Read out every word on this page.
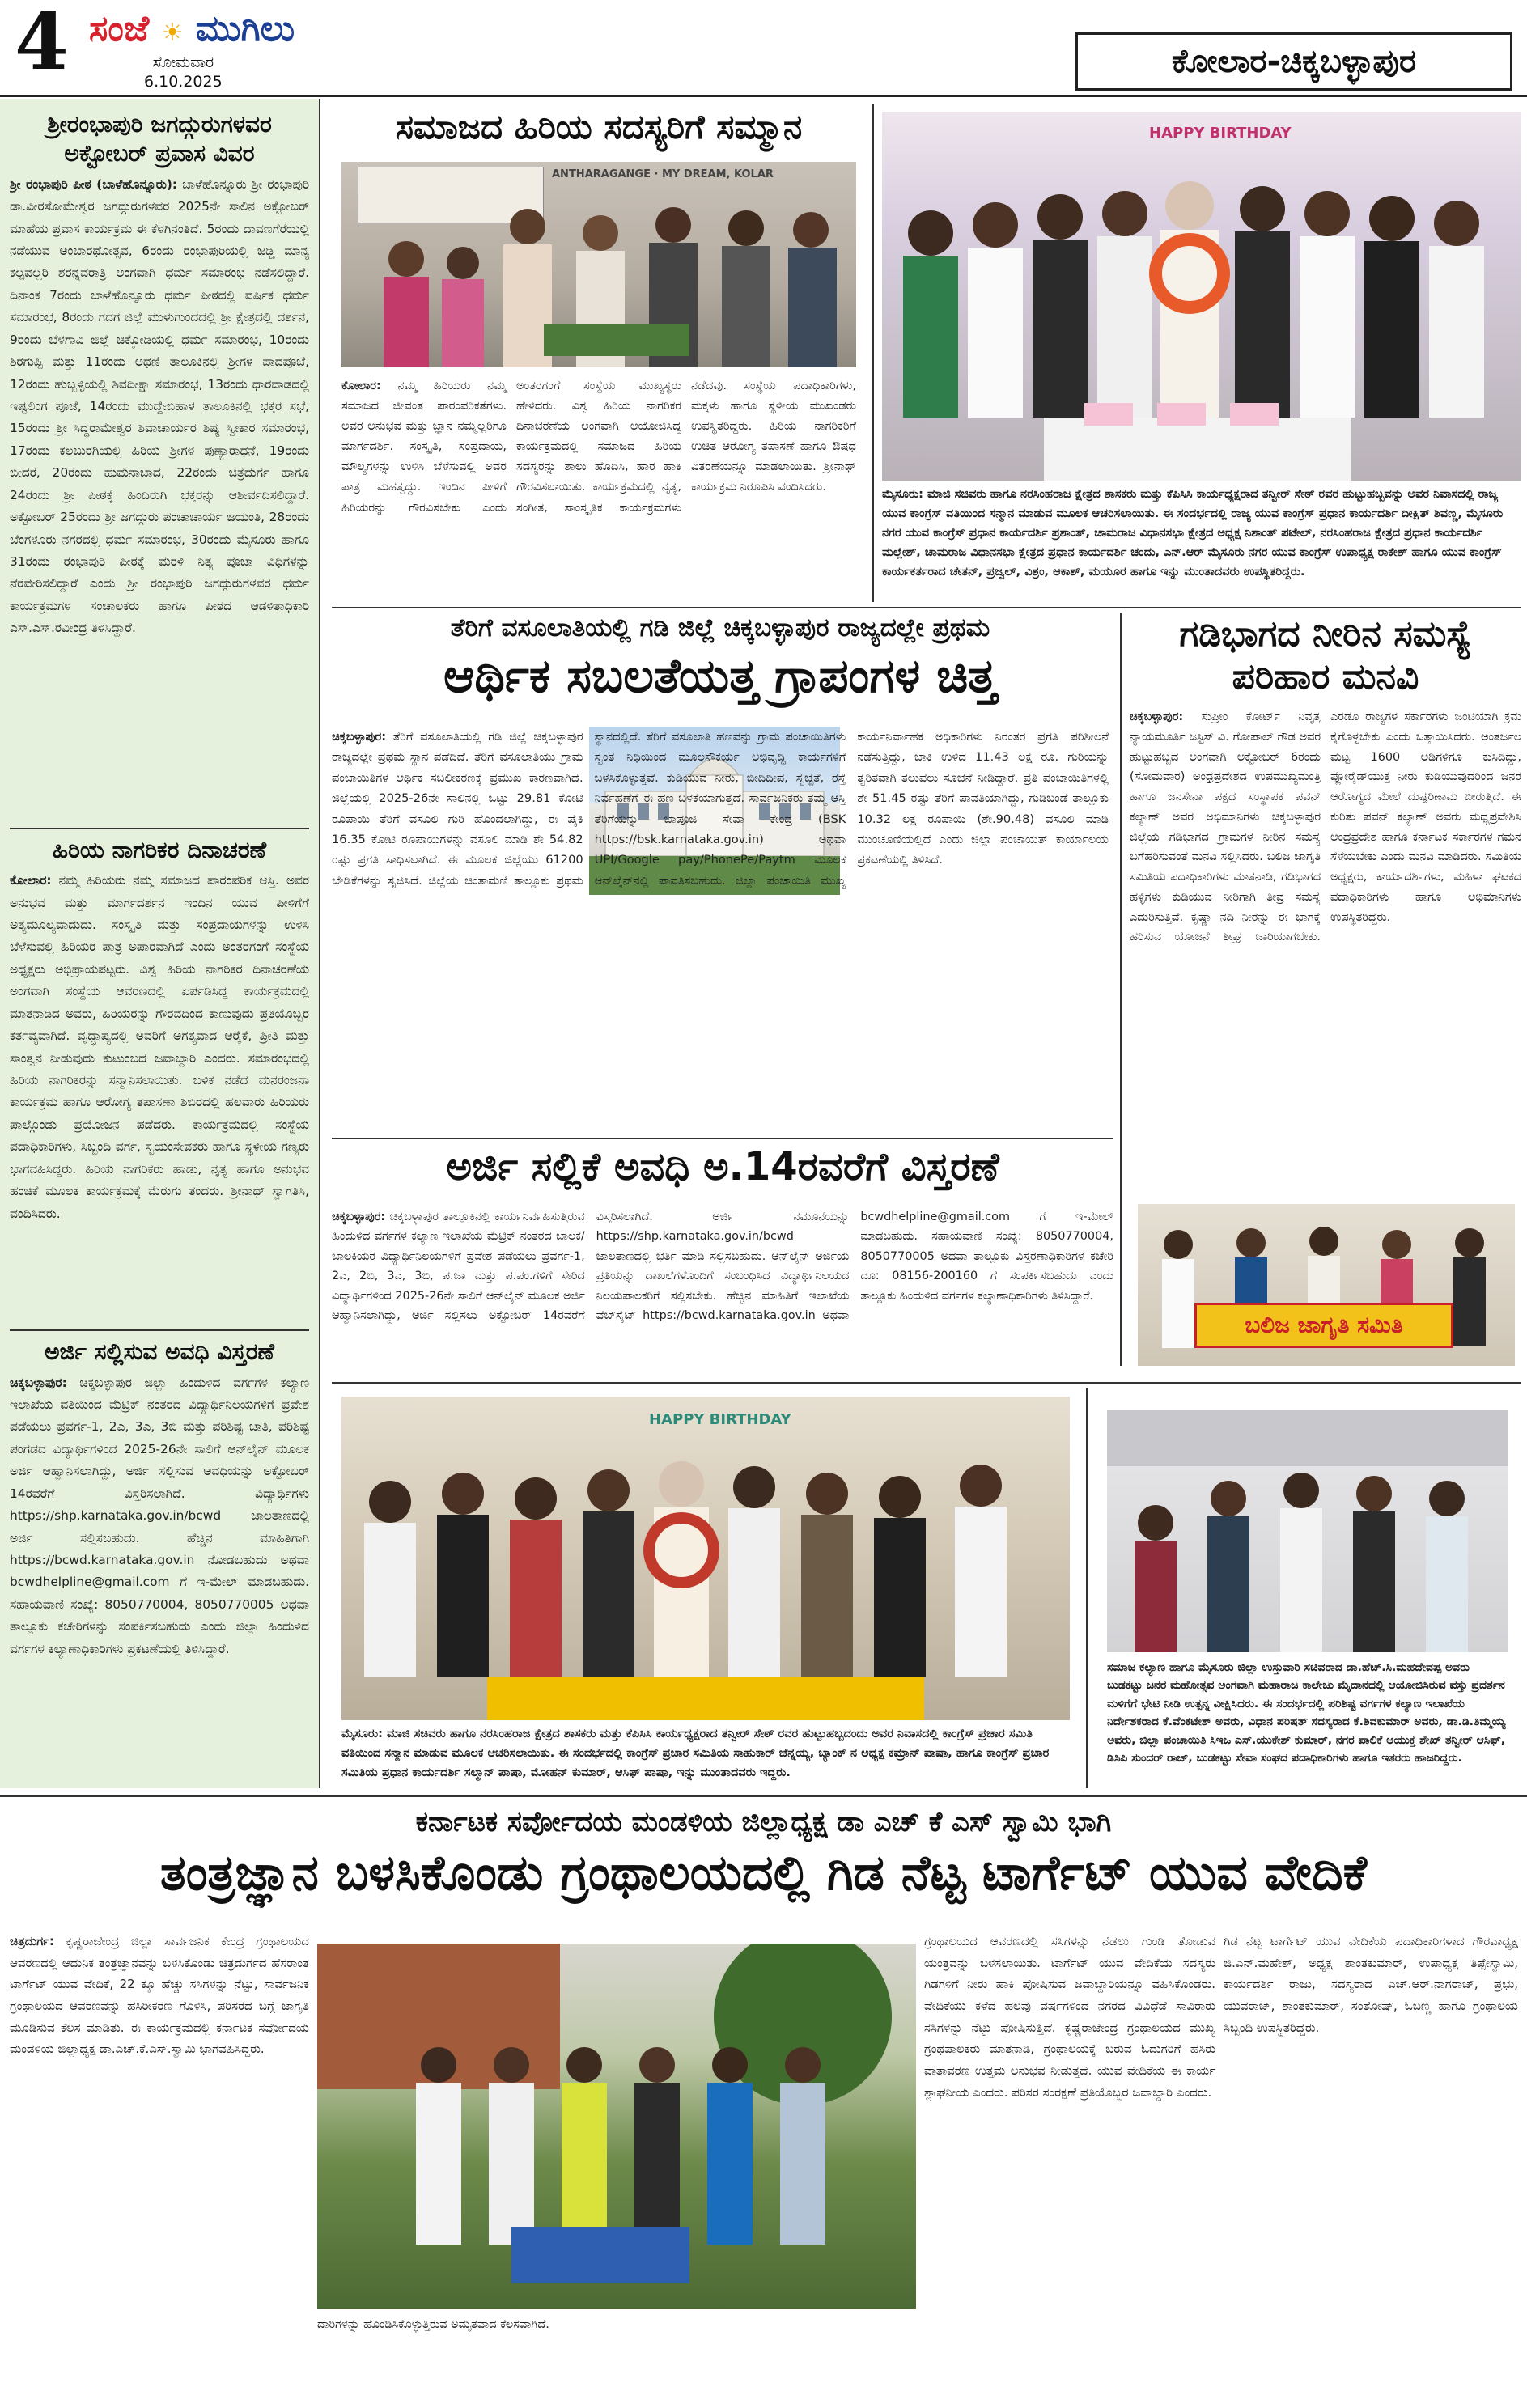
4 ಸಂಜೆ ☀ ಮುಗಿಲು
ಸೋಮವಾರ
6.10.2025
ಕೋಲಾರ-ಚಿಕ್ಕಬಳ್ಳಾಪುರ
ಶ್ರೀರಂಭಾಪುರಿ ಜಗದ್ಗುರುಗಳವರ ಅಕ್ಟೋಬರ್ ಪ್ರವಾಸ ವಿವರ
ಶ್ರೀ ರಂಭಾಪುರಿ ಪೀಠ (ಬಾಳೆಹೊನ್ನೂರು): ಬಾಳೆಹೊನ್ನೂರು ಶ್ರೀ ರಂಭಾಪುರಿ ಡಾ.ವೀರಸೋಮೇಶ್ವರ ಜಗದ್ಗುರುಗಳವರ 2025ನೇ ಸಾಲಿನ ಅಕ್ಟೋಬರ್ ಮಾಹೆಯ ಪ್ರವಾಸ ಕಾರ್ಯಕ್ರಮ ಈ ಕೆಳಗಿನಂತಿದೆ. 5ರಂದು ದಾವಣಗೆರೆಯಲ್ಲಿ ನಡೆಯುವ ಅಂಬಾರಥೋತ್ಸವ, 6ರಂದು ರಂಭಾಪುರಿಯಲ್ಲಿ ಜಡ್ಡಿ ಮಾನ್ಯ ಕಲ್ಪವಲ್ಲರಿ ಶರನ್ನವರಾತ್ರಿ ಅಂಗವಾಗಿ ಧರ್ಮ ಸಮಾರಂಭ ನಡೆಸಲಿದ್ದಾರೆ. ದಿನಾಂಕ 7ರಂದು ಬಾಳೆಹೊನ್ನೂರು ಧರ್ಮ ಪೀಠದಲ್ಲಿ ವರ್ಷಿಕ ಧರ್ಮ ಸಮಾರಂಭ, 8ರಂದು ಗದಗ ಜಿಲ್ಲೆ ಮುಳುಗುಂದದಲ್ಲಿ ಶ್ರೀ ಕ್ಷೇತ್ರದಲ್ಲಿ ದರ್ಶನ, 9ರಂದು ಬೆಳಗಾವಿ ಜಿಲ್ಲೆ ಚಿಕ್ಕೋಡಿಯಲ್ಲಿ ಧರ್ಮ ಸಮಾರಂಭ, 10ರಂದು ಶಿರಗುಪ್ಪಿ ಮತ್ತು 11ರಂದು ಅಥಣಿ ತಾಲೂಕಿನಲ್ಲಿ ಶ್ರೀಗಳ ಪಾದಪೂಜೆ, 12ರಂದು ಹುಬ್ಬಳ್ಳಿಯಲ್ಲಿ ಶಿವದೀಕ್ಷಾ ಸಮಾರಂಭ, 13ರಂದು ಧಾರವಾಡದಲ್ಲಿ ಇಷ್ಟಲಿಂಗ ಪೂಜೆ, 14ರಂದು ಮುದ್ದೇಬಿಹಾಳ ತಾಲೂಕಿನಲ್ಲಿ ಭಕ್ತರ ಸಭೆ, 15ರಂದು ಶ್ರೀ ಸಿದ್ಧರಾಮೇಶ್ವರ ಶಿವಾಚಾರ್ಯರ ಶಿಷ್ಯ ಸ್ವೀಕಾರ ಸಮಾರಂಭ, 17ರಂದು ಕಲಬುರಗಿಯಲ್ಲಿ ಹಿರಿಯ ಶ್ರೀಗಳ ಪುಣ್ಯಾರಾಧನೆ, 19ರಂದು ಬೀದರ, 20ರಂದು ಹುಮನಾಬಾದ, 22ರಂದು ಚಿತ್ರದುರ್ಗ ಹಾಗೂ 24ರಂದು ಶ್ರೀ ಪೀಠಕ್ಕೆ ಹಿಂದಿರುಗಿ ಭಕ್ತರನ್ನು ಆಶೀರ್ವದಿಸಲಿದ್ದಾರೆ. ಅಕ್ಟೋಬರ್ 25ರಂದು ಶ್ರೀ ಜಗದ್ಗುರು ಪಂಚಾಚಾರ್ಯ ಜಯಂತಿ, 28ರಂದು ಬೆಂಗಳೂರು ನಗರದಲ್ಲಿ ಧರ್ಮ ಸಮಾರಂಭ, 30ರಂದು ಮೈಸೂರು ಹಾಗೂ 31ರಂದು ರಂಭಾಪುರಿ ಪೀಠಕ್ಕೆ ಮರಳಿ ನಿತ್ಯ ಪೂಜಾ ವಿಧಿಗಳನ್ನು ನೆರವೇರಿಸಲಿದ್ದಾರೆ ಎಂದು ಶ್ರೀ ರಂಭಾಪುರಿ ಜಗದ್ಗುರುಗಳವರ ಧರ್ಮ ಕಾರ್ಯಕ್ರಮಗಳ ಸಂಚಾಲಕರು ಹಾಗೂ ಪೀಠದ ಆಡಳಿತಾಧಿಕಾರಿ ಎಸ್.ಎಸ್.ರವೀಂದ್ರ ತಿಳಿಸಿದ್ದಾರೆ.
ಹಿರಿಯ ನಾಗರಿಕರ ದಿನಾಚರಣೆ
ಕೋಲಾರ: ನಮ್ಮ ಹಿರಿಯರು ನಮ್ಮ ಸಮಾಜದ ಪಾರಂಪರಿಕ ಆಸ್ತಿ. ಅವರ ಅನುಭವ ಮತ್ತು ಮಾರ್ಗದರ್ಶನ ಇಂದಿನ ಯುವ ಪೀಳಿಗೆಗೆ ಅತ್ಯಮೂಲ್ಯವಾದುದು. ಸಂಸ್ಕೃತಿ ಮತ್ತು ಸಂಪ್ರದಾಯಗಳನ್ನು ಉಳಿಸಿ ಬೆಳೆಸುವಲ್ಲಿ ಹಿರಿಯರ ಪಾತ್ರ ಅಪಾರವಾಗಿದೆ ಎಂದು ಅಂತರಗಂಗೆ ಸಂಸ್ಥೆಯ ಅಧ್ಯಕ್ಷರು ಅಭಿಪ್ರಾಯಪಟ್ಟರು. ವಿಶ್ವ ಹಿರಿಯ ನಾಗರಿಕರ ದಿನಾಚರಣೆಯ ಅಂಗವಾಗಿ ಸಂಸ್ಥೆಯ ಆವರಣದಲ್ಲಿ ಏರ್ಪಡಿಸಿದ್ದ ಕಾರ್ಯಕ್ರಮದಲ್ಲಿ ಮಾತನಾಡಿದ ಅವರು, ಹಿರಿಯರನ್ನು ಗೌರವದಿಂದ ಕಾಣುವುದು ಪ್ರತಿಯೊಬ್ಬರ ಕರ್ತವ್ಯವಾಗಿದೆ. ವೃದ್ಧಾಪ್ಯದಲ್ಲಿ ಅವರಿಗೆ ಅಗತ್ಯವಾದ ಆರೈಕೆ, ಪ್ರೀತಿ ಮತ್ತು ಸಾಂತ್ವನ ನೀಡುವುದು ಕುಟುಂಬದ ಜವಾಬ್ದಾರಿ ಎಂದರು. ಸಮಾರಂಭದಲ್ಲಿ ಹಿರಿಯ ನಾಗರಿಕರನ್ನು ಸನ್ಮಾನಿಸಲಾಯಿತು. ಬಳಿಕ ನಡೆದ ಮನರಂಜನಾ ಕಾರ್ಯಕ್ರಮ ಹಾಗೂ ಆರೋಗ್ಯ ತಪಾಸಣಾ ಶಿಬಿರದಲ್ಲಿ ಹಲವಾರು ಹಿರಿಯರು ಪಾಲ್ಗೊಂಡು ಪ್ರಯೋಜನ ಪಡೆದರು. ಕಾರ್ಯಕ್ರಮದಲ್ಲಿ ಸಂಸ್ಥೆಯ ಪದಾಧಿಕಾರಿಗಳು, ಸಿಬ್ಬಂದಿ ವರ್ಗ, ಸ್ವಯಂಸೇವಕರು ಹಾಗೂ ಸ್ಥಳೀಯ ಗಣ್ಯರು ಭಾಗವಹಿಸಿದ್ದರು. ಹಿರಿಯ ನಾಗರಿಕರು ಹಾಡು, ನೃತ್ಯ ಹಾಗೂ ಅನುಭವ ಹಂಚಿಕೆ ಮೂಲಕ ಕಾರ್ಯಕ್ರಮಕ್ಕೆ ಮೆರುಗು ತಂದರು. ಶ್ರೀನಾಥ್ ಸ್ವಾಗತಿಸಿ, ವಂದಿಸಿದರು.
ಅರ್ಜಿ ಸಲ್ಲಿಸುವ ಅವಧಿ ವಿಸ್ತರಣೆ
ಚಿಕ್ಕಬಳ್ಳಾಪುರ: ಚಿಕ್ಕಬಳ್ಳಾಪುರ ಜಿಲ್ಲಾ ಹಿಂದುಳಿದ ವರ್ಗಗಳ ಕಲ್ಯಾಣ ಇಲಾಖೆಯ ವತಿಯಿಂದ ಮೆಟ್ರಿಕ್ ನಂತರದ ವಿದ್ಯಾರ್ಥಿನಿಲಯಗಳಿಗೆ ಪ್ರವೇಶ ಪಡೆಯಲು ಪ್ರವರ್ಗ-1, 2ಎ, 3ಎ, 3ಬಿ ಮತ್ತು ಪರಿಶಿಷ್ಟ ಜಾತಿ, ಪರಿಶಿಷ್ಟ ಪಂಗಡದ ವಿದ್ಯಾರ್ಥಿಗಳಿಂದ 2025-26ನೇ ಸಾಲಿಗೆ ಆನ್‌ಲೈನ್ ಮೂಲಕ ಅರ್ಜಿ ಆಹ್ವಾನಿಸಲಾಗಿದ್ದು, ಅರ್ಜಿ ಸಲ್ಲಿಸುವ ಅವಧಿಯನ್ನು ಅಕ್ಟೋಬರ್ 14ರವರೆಗೆ ವಿಸ್ತರಿಸಲಾಗಿದೆ. ವಿದ್ಯಾರ್ಥಿಗಳು https://shp.karnataka.gov.in/bcwd ಜಾಲತಾಣದಲ್ಲಿ ಅರ್ಜಿ ಸಲ್ಲಿಸಬಹುದು. ಹೆಚ್ಚಿನ ಮಾಹಿತಿಗಾಗಿ https://bcwd.karnataka.gov.in ನೋಡಬಹುದು ಅಥವಾ bcwdhelpline@gmail.com ಗೆ ಇ-ಮೇಲ್ ಮಾಡಬಹುದು. ಸಹಾಯವಾಣಿ ಸಂಖ್ಯೆ: 8050770004, 8050770005 ಅಥವಾ ತಾಲ್ಲೂಕು ಕಚೇರಿಗಳನ್ನು ಸಂಪರ್ಕಿಸಬಹುದು ಎಂದು ಜಿಲ್ಲಾ ಹಿಂದುಳಿದ ವರ್ಗಗಳ ಕಲ್ಯಾಣಾಧಿಕಾರಿಗಳು ಪ್ರಕಟಣೆಯಲ್ಲಿ ತಿಳಿಸಿದ್ದಾರೆ.
ಸಮಾಜದ ಹಿರಿಯ ಸದಸ್ಯರಿಗೆ ಸಮ್ಮಾನ
ANTHARAGANGE · MY DREAM, KOLAR
ಕೋಲಾರ: ನಮ್ಮ ಹಿರಿಯರು ನಮ್ಮ ಸಮಾಜದ ಜೀವಂತ ಪಾರಂಪರಿಕತೆಗಳು. ಅವರ ಅನುಭವ ಮತ್ತು ಜ್ಞಾನ ನಮ್ಮೆಲ್ಲರಿಗೂ ಮಾರ್ಗದರ್ಶಿ. ಸಂಸ್ಕೃತಿ, ಸಂಪ್ರದಾಯ, ಮೌಲ್ಯಗಳನ್ನು ಉಳಿಸಿ ಬೆಳೆಸುವಲ್ಲಿ ಅವರ ಪಾತ್ರ ಮಹತ್ವದ್ದು. ಇಂದಿನ ಪೀಳಿಗೆ ಹಿರಿಯರನ್ನು ಗೌರವಿಸಬೇಕು ಎಂದು ಅಂತರಗಂಗೆ ಸಂಸ್ಥೆಯ ಮುಖ್ಯಸ್ಥರು ಹೇಳಿದರು. ವಿಶ್ವ ಹಿರಿಯ ನಾಗರಿಕರ ದಿನಾಚರಣೆಯ ಅಂಗವಾಗಿ ಆಯೋಜಿಸಿದ್ದ ಕಾರ್ಯಕ್ರಮದಲ್ಲಿ ಸಮಾಜದ ಹಿರಿಯ ಸದಸ್ಯರನ್ನು ಶಾಲು ಹೊದಿಸಿ, ಹಾರ ಹಾಕಿ ಗೌರವಿಸಲಾಯಿತು. ಕಾರ್ಯಕ್ರಮದಲ್ಲಿ ನೃತ್ಯ, ಸಂಗೀತ, ಸಾಂಸ್ಕೃತಿಕ ಕಾರ್ಯಕ್ರಮಗಳು ನಡೆದವು. ಸಂಸ್ಥೆಯ ಪದಾಧಿಕಾರಿಗಳು, ಮಕ್ಕಳು ಹಾಗೂ ಸ್ಥಳೀಯ ಮುಖಂಡರು ಉಪಸ್ಥಿತರಿದ್ದರು. ಹಿರಿಯ ನಾಗರಿಕರಿಗೆ ಉಚಿತ ಆರೋಗ್ಯ ತಪಾಸಣೆ ಹಾಗೂ ಔಷಧ ವಿತರಣೆಯನ್ನೂ ಮಾಡಲಾಯಿತು. ಶ್ರೀನಾಥ್ ಕಾರ್ಯಕ್ರಮ ನಿರೂಪಿಸಿ ವಂದಿಸಿದರು.
HAPPY BIRTHDAY
ಮೈಸೂರು: ಮಾಜಿ ಸಚಿವರು ಹಾಗೂ ನರಸಿಂಹರಾಜ ಕ್ಷೇತ್ರದ ಶಾಸಕರು ಮತ್ತು ಕೆಪಿಸಿಸಿ ಕಾರ್ಯಧ್ಯಕ್ಷರಾದ ತನ್ವೀರ್ ಸೇಠ್ ರವರ ಹುಟ್ಟುಹಬ್ಬವನ್ನು ಅವರ ನಿವಾಸದಲ್ಲಿ ರಾಜ್ಯ ಯುವ ಕಾಂಗ್ರೆಸ್ ವತಿಯಿಂದ ಸನ್ಮಾನ ಮಾಡುವ ಮೂಲಕ ಆಚರಿಸಲಾಯಿತು. ಈ ಸಂದರ್ಭದಲ್ಲಿ ರಾಜ್ಯ ಯುವ ಕಾಂಗ್ರೆಸ್ ಪ್ರಧಾನ ಕಾರ್ಯದರ್ಶಿ ದೀಕ್ಷಿತ್ ಶಿವಣ್ಣ, ಮೈಸೂರು ನಗರ ಯುವ ಕಾಂಗ್ರೆಸ್ ಪ್ರಧಾನ ಕಾರ್ಯದರ್ಶಿ ಪ್ರಶಾಂತ್, ಚಾಮರಾಜ ವಿಧಾನಸಭಾ ಕ್ಷೇತ್ರದ ಅಧ್ಯಕ್ಷ ನಿಶಾಂತ್ ಪಟೇಲ್, ನರಸಿಂಹರಾಜ ಕ್ಷೇತ್ರದ ಪ್ರಧಾನ ಕಾರ್ಯದರ್ಶಿ ಮಲ್ಲೇಶ್, ಚಾಮರಾಜ ವಿಧಾನಸಭಾ ಕ್ಷೇತ್ರದ ಪ್ರಧಾನ ಕಾರ್ಯದರ್ಶಿ ಚಂದು, ಎನ್.ಆರ್ ಮೈಸೂರು ನಗರ ಯುವ ಕಾಂಗ್ರೆಸ್ ಉಪಾಧ್ಯಕ್ಷ ರಾಕೇಶ್ ಹಾಗೂ ಯುವ ಕಾಂಗ್ರೆಸ್ ಕಾರ್ಯಕರ್ತರಾದ ಚೇತನ್, ಪ್ರಜ್ವಲ್, ವಿಶ್ರಂ, ಆಕಾಶ್, ಮಯೂರ ಹಾಗೂ ಇನ್ನು ಮುಂತಾದವರು ಉಪಸ್ಥಿತರಿದ್ದರು.
ತೆರಿಗೆ ವಸೂಲಾತಿಯಲ್ಲಿ ಗಡಿ ಜಿಲ್ಲೆ ಚಿಕ್ಕಬಳ್ಳಾಪುರ ರಾಜ್ಯದಲ್ಲೇ ಪ್ರಥಮ
ಆರ್ಥಿಕ ಸಬಲತೆಯತ್ತ ಗ್ರಾಪಂಗಳ ಚಿತ್ತ
ಚಿಕ್ಕಬಳ್ಳಾಪುರ: ತೆರಿಗೆ ವಸೂಲಾತಿಯಲ್ಲಿ ಗಡಿ ಜಿಲ್ಲೆ ಚಿಕ್ಕಬಳ್ಳಾಪುರ ರಾಜ್ಯದಲ್ಲೇ ಪ್ರಥಮ ಸ್ಥಾನ ಪಡೆದಿದೆ. ತೆರಿಗೆ ವಸೂಲಾತಿಯು ಗ್ರಾಮ ಪಂಚಾಯಿತಿಗಳ ಆರ್ಥಿಕ ಸಬಲೀಕರಣಕ್ಕೆ ಪ್ರಮುಖ ಕಾರಣವಾಗಿದೆ. ಜಿಲ್ಲೆಯಲ್ಲಿ 2025-26ನೇ ಸಾಲಿನಲ್ಲಿ ಒಟ್ಟು 29.81 ಕೋಟಿ ರೂಪಾಯಿ ತೆರಿಗೆ ವಸೂಲಿ ಗುರಿ ಹೊಂದಲಾಗಿದ್ದು, ಈ ಪೈಕಿ 16.35 ಕೋಟಿ ರೂಪಾಯಿಗಳನ್ನು ವಸೂಲಿ ಮಾಡಿ ಶೇ 54.82 ರಷ್ಟು ಪ್ರಗತಿ ಸಾಧಿಸಲಾಗಿದೆ. ಈ ಮೂಲಕ ಜಿಲ್ಲೆಯು 61200 ಬೇಡಿಕೆಗಳನ್ನು ಸೃಜಿಸಿದೆ. ಜಿಲ್ಲೆಯ ಚಿಂತಾಮಣಿ ತಾಲ್ಲೂಕು ಪ್ರಥಮ ಸ್ಥಾನದಲ್ಲಿದೆ. ತೆರಿಗೆ ವಸೂಲಾತಿ ಹಣವನ್ನು ಗ್ರಾಮ ಪಂಚಾಯಿತಿಗಳು ಸ್ವಂತ ನಿಧಿಯಿಂದ ಮೂಲಸೌಕರ್ಯ ಅಭಿವೃದ್ಧಿ ಕಾರ್ಯಗಳಿಗೆ ಬಳಸಿಕೊಳ್ಳುತ್ತವೆ. ಕುಡಿಯುವ ನೀರು, ಬೀದಿದೀಪ, ಸ್ವಚ್ಛತೆ, ರಸ್ತೆ ನಿರ್ವಹಣೆಗೆ ಈ ಹಣ ಬಳಕೆಯಾಗುತ್ತದೆ. ಸಾರ್ವಜನಿಕರು ತಮ್ಮ ಆಸ್ತಿ ತೆರಿಗೆಯನ್ನು ಬಾಪೂಜಿ ಸೇವಾ ಕೇಂದ್ರ (BSK https://bsk.karnataka.gov.in) ಅಥವಾ UPI/Google pay/PhonePe/Paytm ಮೂಲಕ ಆನ್‌ಲೈನ್‌ನಲ್ಲಿ ಪಾವತಿಸಬಹುದು. ಜಿಲ್ಲಾ ಪಂಚಾಯಿತಿ ಮುಖ್ಯ ಕಾರ್ಯನಿರ್ವಾಹಕ ಅಧಿಕಾರಿಗಳು ನಿರಂತರ ಪ್ರಗತಿ ಪರಿಶೀಲನೆ ನಡೆಸುತ್ತಿದ್ದು, ಬಾಕಿ ಉಳಿದ 11.43 ಲಕ್ಷ ರೂ. ಗುರಿಯನ್ನು ತ್ವರಿತವಾಗಿ ತಲುಪಲು ಸೂಚನೆ ನೀಡಿದ್ದಾರೆ. ಪ್ರತಿ ಪಂಚಾಯಿತಿಗಳಲ್ಲಿ ಶೇ 51.45 ರಷ್ಟು ತೆರಿಗೆ ಪಾವತಿಯಾಗಿದ್ದು, ಗುಡಿಬಂಡೆ ತಾಲ್ಲೂಕು 10.32 ಲಕ್ಷ ರೂಪಾಯಿ (ಶೇ.90.48) ವಸೂಲಿ ಮಾಡಿ ಮುಂಚೂಣಿಯಲ್ಲಿದೆ ಎಂದು ಜಿಲ್ಲಾ ಪಂಚಾಯತ್ ಕಾರ್ಯಾಲಯ ಪ್ರಕಟಣೆಯಲ್ಲಿ ತಿಳಿಸಿದೆ.
ಗಡಿಭಾಗದ ನೀರಿನ ಸಮಸ್ಯೆ ಪರಿಹಾರ ಮನವಿ
ಚಿಕ್ಕಬಳ್ಳಾಪುರ: ಸುಪ್ರೀಂ ಕೋರ್ಟ್ ನಿವೃತ್ತ ನ್ಯಾಯಮೂರ್ತಿ ಜಸ್ಟಿಸ್ ವಿ. ಗೋಪಾಲ್ ಗೌಡ ಅವರ ಹುಟ್ಟುಹಬ್ಬದ ಅಂಗವಾಗಿ ಅಕ್ಟೋಬರ್ 6ರಂದು (ಸೋಮವಾರ) ಅಂಧ್ರಪ್ರದೇಶದ ಉಪಮುಖ್ಯಮಂತ್ರಿ ಹಾಗೂ ಜನಸೇನಾ ಪಕ್ಷದ ಸಂಸ್ಥಾಪಕ ಪವನ್ ಕಲ್ಯಾಣ್ ಅವರ ಅಭಿಮಾನಿಗಳು ಚಿಕ್ಕಬಳ್ಳಾಪುರ ಜಿಲ್ಲೆಯ ಗಡಿಭಾಗದ ಗ್ರಾಮಗಳ ನೀರಿನ ಸಮಸ್ಯೆ ಬಗೆಹರಿಸುವಂತೆ ಮನವಿ ಸಲ್ಲಿಸಿದರು. ಬಲಿಜ ಜಾಗೃತಿ ಸಮಿತಿಯ ಪದಾಧಿಕಾರಿಗಳು ಮಾತನಾಡಿ, ಗಡಿಭಾಗದ ಹಳ್ಳಿಗಳು ಕುಡಿಯುವ ನೀರಿಗಾಗಿ ತೀವ್ರ ಸಮಸ್ಯೆ ಎದುರಿಸುತ್ತಿವೆ. ಕೃಷ್ಣಾ ನದಿ ನೀರನ್ನು ಈ ಭಾಗಕ್ಕೆ ಹರಿಸುವ ಯೋಜನೆ ಶೀಘ್ರ ಜಾರಿಯಾಗಬೇಕು. ಎರಡೂ ರಾಜ್ಯಗಳ ಸರ್ಕಾರಗಳು ಜಂಟಿಯಾಗಿ ಕ್ರಮ ಕೈಗೊಳ್ಳಬೇಕು ಎಂದು ಒತ್ತಾಯಿಸಿದರು. ಅಂತರ್ಜಲ ಮಟ್ಟ 1600 ಅಡಿಗಳಿಗೂ ಕುಸಿದಿದ್ದು, ಫ್ಲೋರೈಡ್‌ಯುಕ್ತ ನೀರು ಕುಡಿಯುವುದರಿಂದ ಜನರ ಆರೋಗ್ಯದ ಮೇಲೆ ದುಷ್ಪರಿಣಾಮ ಬೀರುತ್ತಿದೆ. ಈ ಕುರಿತು ಪವನ್ ಕಲ್ಯಾಣ್ ಅವರು ಮಧ್ಯಪ್ರವೇಶಿಸಿ ಆಂಧ್ರಪ್ರದೇಶ ಹಾಗೂ ಕರ್ನಾಟಕ ಸರ್ಕಾರಗಳ ಗಮನ ಸೆಳೆಯಬೇಕು ಎಂದು ಮನವಿ ಮಾಡಿದರು. ಸಮಿತಿಯ ಅಧ್ಯಕ್ಷರು, ಕಾರ್ಯದರ್ಶಿಗಳು, ಮಹಿಳಾ ಘಟಕದ ಪದಾಧಿಕಾರಿಗಳು ಹಾಗೂ ಅಭಿಮಾನಿಗಳು ಉಪಸ್ಥಿತರಿದ್ದರು.
ಬಲಿಜ ಜಾಗೃತಿ ಸಮಿತಿ
ಅರ್ಜಿ ಸಲ್ಲಿಕೆ ಅವಧಿ ಅ.14ರವರೆಗೆ ವಿಸ್ತರಣೆ
ಚಿಕ್ಕಬಳ್ಳಾಪುರ: ಚಿಕ್ಕಬಳ್ಳಾಪುರ ತಾಲ್ಲೂಕಿನಲ್ಲಿ ಕಾರ್ಯನಿರ್ವಹಿಸುತ್ತಿರುವ ಹಿಂದುಳಿದ ವರ್ಗಗಳ ಕಲ್ಯಾಣ ಇಲಾಖೆಯ ಮೆಟ್ರಿಕ್ ನಂತರದ ಬಾಲಕ/ಬಾಲಕಿಯರ ವಿದ್ಯಾರ್ಥಿನಿಲಯಗಳಿಗೆ ಪ್ರವೇಶ ಪಡೆಯಲು ಪ್ರವರ್ಗ-1, 2ಎ, 2ಬಿ, 3ಎ, 3ಬಿ, ಪ.ಜಾ ಮತ್ತು ಪ.ಪಂ.ಗಳಿಗೆ ಸೇರಿದ ವಿದ್ಯಾರ್ಥಿಗಳಿಂದ 2025-26ನೇ ಸಾಲಿಗೆ ಆನ್‌ಲೈನ್ ಮೂಲಕ ಅರ್ಜಿ ಆಹ್ವಾನಿಸಲಾಗಿದ್ದು, ಅರ್ಜಿ ಸಲ್ಲಿಸಲು ಅಕ್ಟೋಬರ್ 14ರವರೆಗೆ ವಿಸ್ತರಿಸಲಾಗಿದೆ. ಅರ್ಜಿ ನಮೂನೆಯನ್ನು https://shp.karnataka.gov.in/bcwd ಜಾಲತಾಣದಲ್ಲಿ ಭರ್ತಿ ಮಾಡಿ ಸಲ್ಲಿಸಬಹುದು. ಆನ್‌ಲೈನ್ ಅರ್ಜಿಯ ಪ್ರತಿಯನ್ನು ದಾಖಲೆಗಳೊಂದಿಗೆ ಸಂಬಂಧಿಸಿದ ವಿದ್ಯಾರ್ಥಿನಿಲಯದ ನಿಲಯಪಾಲಕರಿಗೆ ಸಲ್ಲಿಸಬೇಕು. ಹೆಚ್ಚಿನ ಮಾಹಿತಿಗೆ ಇಲಾಖೆಯ ವೆಬ್‌ಸೈಟ್ https://bcwd.karnataka.gov.in ಅಥವಾ bcwdhelpline@gmail.com ಗೆ ಇ-ಮೇಲ್ ಮಾಡಬಹುದು. ಸಹಾಯವಾಣಿ ಸಂಖ್ಯೆ: 8050770004, 8050770005 ಅಥವಾ ತಾಲ್ಲೂಕು ವಿಸ್ತರಣಾಧಿಕಾರಿಗಳ ಕಚೇರಿ ದೂ: 08156-200160 ಗೆ ಸಂಪರ್ಕಿಸಬಹುದು ಎಂದು ತಾಲ್ಲೂಕು ಹಿಂದುಳಿದ ವರ್ಗಗಳ ಕಲ್ಯಾಣಾಧಿಕಾರಿಗಳು ತಿಳಿಸಿದ್ದಾರೆ.
HAPPY BIRTHDAY
ಮೈಸೂರು: ಮಾಜಿ ಸಚಿವರು ಹಾಗೂ ನರಸಿಂಹರಾಜ ಕ್ಷೇತ್ರದ ಶಾಸಕರು ಮತ್ತು ಕೆಪಿಸಿಸಿ ಕಾರ್ಯಧ್ಯಕ್ಷರಾದ ತನ್ವೀರ್ ಸೇಠ್ ರವರ ಹುಟ್ಟುಹಬ್ಬದಂದು ಅವರ ನಿವಾಸದಲ್ಲಿ ಕಾಂಗ್ರೆಸ್ ಪ್ರಚಾರ ಸಮಿತಿ ವತಿಯಿಂದ ಸನ್ಮಾನ ಮಾಡುವ ಮೂಲಕ ಆಚರಿಸಲಾಯಿತು. ಈ ಸಂದರ್ಭದಲ್ಲಿ ಕಾಂಗ್ರೆಸ್ ಪ್ರಚಾರ ಸಮಿತಿಯ ಸಾಹುಕಾರ್ ಚೆನ್ನಯ್ಯ, ಬ್ಯಾಂಕ್ ನ ಅಧ್ಯಕ್ಷ ಕಮ್ರಾನ್ ಪಾಷಾ, ಹಾಗೂ ಕಾಂಗ್ರೆಸ್ ಪ್ರಚಾರ ಸಮಿತಿಯ ಪ್ರಧಾನ ಕಾರ್ಯದರ್ಶಿ ಸಲ್ಮಾನ್ ಪಾಷಾ, ಮೋಹನ್ ಕುಮಾರ್, ಆಸಿಫ್ ಪಾಷಾ, ಇನ್ನು ಮುಂತಾದವರು ಇದ್ದರು.
ಸಮಾಜ ಕಲ್ಯಾಣ ಹಾಗೂ ಮೈಸೂರು ಜಿಲ್ಲಾ ಉಸ್ತುವಾರಿ ಸಚಿವರಾದ ಡಾ.ಹೆಚ್.ಸಿ.ಮಹದೇವಪ್ಪ ಅವರು ಬುಡಕಟ್ಟು ಜನರ ಮಹೋತ್ಸವ ಅಂಗವಾಗಿ ಮಹಾರಾಜ ಕಾಲೇಜು ಮೈದಾನದಲ್ಲಿ ಆಯೋಜಿಸಿರುವ ವಸ್ತು ಪ್ರದರ್ಶನ ಮಳಿಗೆಗೆ ಭೇಟಿ ನೀಡಿ ಉತ್ಪನ್ನ ವೀಕ್ಷಿಸಿದರು. ಈ ಸಂದರ್ಭದಲ್ಲಿ ಪರಿಶಿಷ್ಟ ವರ್ಗಗಳ ಕಲ್ಯಾಣ ಇಲಾಖೆಯ ನಿರ್ದೇಶಕರಾದ ಕೆ.ವೆಂಕಟೇಶ್ ಅವರು, ವಿಧಾನ ಪರಿಷತ್ ಸದಸ್ಯರಾದ ಕೆ.ಶಿವಕುಮಾರ್ ಅವರು, ಡಾ.ಡಿ.ತಿಮ್ಮಯ್ಯ ಅವರು, ಜಿಲ್ಲಾ ಪಂಚಾಯಿತಿ ಸಿಇಒ ಎಸ್.ಯುಕೇಶ್ ಕುಮಾರ್, ನಗರ ಪಾಲಿಕೆ ಆಯುಕ್ತ ಶೇಖ್ ತನ್ವೀರ್ ಆಸಿಫ್, ಡಿಸಿಪಿ ಸುಂದರ್ ರಾಜ್, ಬುಡಕಟ್ಟು ಸೇವಾ ಸಂಘದ ಪದಾಧಿಕಾರಿಗಳು ಹಾಗೂ ಇತರರು ಹಾಜರಿದ್ದರು.
ಕರ್ನಾಟಕ ಸರ್ವೋದಯ ಮಂಡಳಿಯ ಜಿಲ್ಲಾಧ್ಯಕ್ಷ ಡಾ ಎಚ್ ಕೆ ಎಸ್ ಸ್ವಾಮಿ ಭಾಗಿ
ತಂತ್ರಜ್ಞಾನ ಬಳಸಿಕೊಂಡು ಗ್ರಂಥಾಲಯದಲ್ಲಿ ಗಿಡ ನೆಟ್ಟ ಟಾರ್ಗೆಟ್ ಯುವ ವೇದಿಕೆ
ಚಿತ್ರದುರ್ಗ: ಕೃಷ್ಣರಾಜೇಂದ್ರ ಜಿಲ್ಲಾ ಸಾರ್ವಜನಿಕ ಕೇಂದ್ರ ಗ್ರಂಥಾಲಯದ ಆವರಣದಲ್ಲಿ ಆಧುನಿಕ ತಂತ್ರಜ್ಞಾನವನ್ನು ಬಳಸಿಕೊಂಡು ಚಿತ್ರದುರ್ಗದ ಹೆಸರಾಂತ ಟಾರ್ಗೆಟ್ ಯುವ ವೇದಿಕೆ, 22 ಕ್ಕೂ ಹೆಚ್ಚು ಸಸಿಗಳನ್ನು ನೆಟ್ಟು, ಸಾರ್ವಜನಿಕ ಗ್ರಂಥಾಲಯದ ಆವರಣವನ್ನು ಹಸಿರೀಕರಣ ಗೊಳಿಸಿ, ಪರಿಸರದ ಬಗ್ಗೆ ಜಾಗೃತಿ ಮೂಡಿಸುವ ಕೆಲಸ ಮಾಡಿತು. ಈ ಕಾರ್ಯಕ್ರಮದಲ್ಲಿ ಕರ್ನಾಟಕ ಸರ್ವೋದಯ ಮಂಡಳಿಯ ಜಿಲ್ಲಾಧ್ಯಕ್ಷ ಡಾ.ಎಚ್.ಕೆ.ಎಸ್.ಸ್ವಾಮಿ ಭಾಗವಹಿಸಿದ್ದರು.
ದಾರಿಗಳನ್ನು ಹೊಂಡಿಸಿಕೊಳ್ಳುತ್ತಿರುವ ಅಮೃತವಾದ ಕೆಲಸವಾಗಿದೆ.
ಗ್ರಂಥಾಲಯದ ಆವರಣದಲ್ಲಿ ಸಸಿಗಳನ್ನು ನೆಡಲು ಗುಂಡಿ ತೋಡುವ ಯಂತ್ರವನ್ನು ಬಳಸಲಾಯಿತು. ಟಾರ್ಗೆಟ್ ಯುವ ವೇದಿಕೆಯ ಸದಸ್ಯರು ಗಿಡಗಳಿಗೆ ನೀರು ಹಾಕಿ ಪೋಷಿಸುವ ಜವಾಬ್ದಾರಿಯನ್ನೂ ವಹಿಸಿಕೊಂಡರು. ವೇದಿಕೆಯು ಕಳೆದ ಹಲವು ವರ್ಷಗಳಿಂದ ನಗರದ ವಿವಿಧೆಡೆ ಸಾವಿರಾರು ಸಸಿಗಳನ್ನು ನೆಟ್ಟು ಪೋಷಿಸುತ್ತಿದೆ. ಕೃಷ್ಣರಾಜೇಂದ್ರ ಗ್ರಂಥಾಲಯದ ಮುಖ್ಯ ಗ್ರಂಥಪಾಲಕರು ಮಾತನಾಡಿ, ಗ್ರಂಥಾಲಯಕ್ಕೆ ಬರುವ ಓದುಗರಿಗೆ ಹಸಿರು ವಾತಾವರಣ ಉತ್ತಮ ಅನುಭವ ನೀಡುತ್ತದೆ. ಯುವ ವೇದಿಕೆಯ ಈ ಕಾರ್ಯ ಶ್ಲಾಘನೀಯ ಎಂದರು. ಪರಿಸರ ಸಂರಕ್ಷಣೆ ಪ್ರತಿಯೊಬ್ಬರ ಜವಾಬ್ದಾರಿ ಎಂದರು.
ಗಿಡ ನೆಟ್ಟ ಟಾರ್ಗೆಟ್ ಯುವ ವೇದಿಕೆಯ ಪದಾಧಿಕಾರಿಗಳಾದ ಗೌರವಾಧ್ಯಕ್ಷ ಜಿ.ಎನ್.ಮಹೇಶ್, ಅಧ್ಯಕ್ಷ ಶಾಂತಕುಮಾರ್, ಉಪಾಧ್ಯಕ್ಷ ತಿಪ್ಪೇಸ್ವಾಮಿ, ಕಾರ್ಯದರ್ಶಿ ರಾಜು, ಸದಸ್ಯರಾದ ಎಚ್.ಆರ್.ನಾಗರಾಜ್, ಪ್ರಭು, ಯುವರಾಜ್, ಶಾಂತಕುಮಾರ್, ಸಂತೋಷ್, ಓಬಣ್ಣ ಹಾಗೂ ಗ್ರಂಥಾಲಯ ಸಿಬ್ಬಂದಿ ಉಪಸ್ಥಿತರಿದ್ದರು.
